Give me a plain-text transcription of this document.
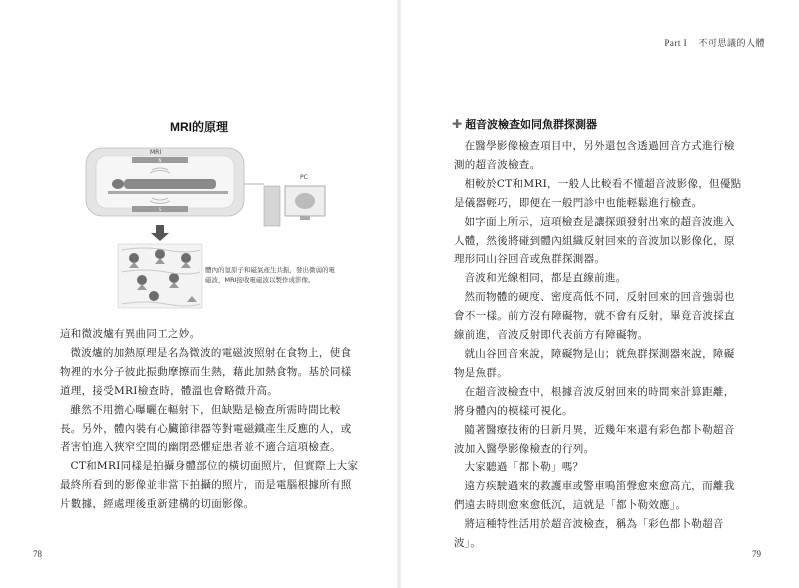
Part I 不可思議的人體
MRI的原理
N
S
MRI
PC
體內的氫原子和磁氣產生共振，發出微弱的電磁波，MRI接收電磁波以製作成影像。

這和微波爐有異曲同工之妙。

微波爐的加熱原理是名為微波的電磁波照射在食物上，使食物裡的水分子彼此振動摩擦而生熱，藉此加熱食物。基於同樣道理，接受MRI檢查時，體溫也會略微升高。

雖然不用擔心曝曬在輻射下，但缺點是檢查所需時間比較長。另外，體內裝有心臟節律器等對電磁鐵產生反應的人，或者害怕進入狹窄空間的幽閉恐懼症患者並不適合這項檢查。

CT和MRI同樣是拍攝身體部位的橫切面照片，但實際上大家最終所看到的影像並非當下拍攝的照片，而是電腦根據所有照片數據，經處理後重新建構的切面影像。

✚ 超音波檢查如同魚群探測器

在醫學影像檢查項目中，另外還包含透過回音方式進行檢測的超音波檢查。

相較於CT和MRI，一般人比較看不懂超音波影像，但優點是儀器輕巧，即便在一般門診中也能輕鬆進行檢查。

如字面上所示，這項檢查是讓探頭發射出來的超音波進入人體，然後將碰到體內組織反射回來的音波加以影像化，原理形同山谷回音或魚群探測器。

音波和光線相同，都是直線前進。

然而物體的硬度、密度高低不同，反射回來的回音強弱也會不一樣。前方沒有障礙物，就不會有反射，畢竟音波採直線前進，音波反射即代表前方有障礙物。

就山谷回音來說，障礙物是山；就魚群探測器來說，障礙物是魚群。

在超音波檢查中，根據音波反射回來的時間來計算距離，將身體內的模樣可視化。

隨著醫療技術的日新月異，近幾年來還有彩色都卜勒超音波加入醫學影像檢查的行列。

大家聽過「都卜勒」嗎？

遠方疾駛過來的救護車或警車鳴笛聲愈來愈高亢，而離我們遠去時則愈來愈低沉，這就是「都卜勒效應」。

將這種特性活用於超音波檢查，稱為「彩色都卜勒超音波」。

78	79
